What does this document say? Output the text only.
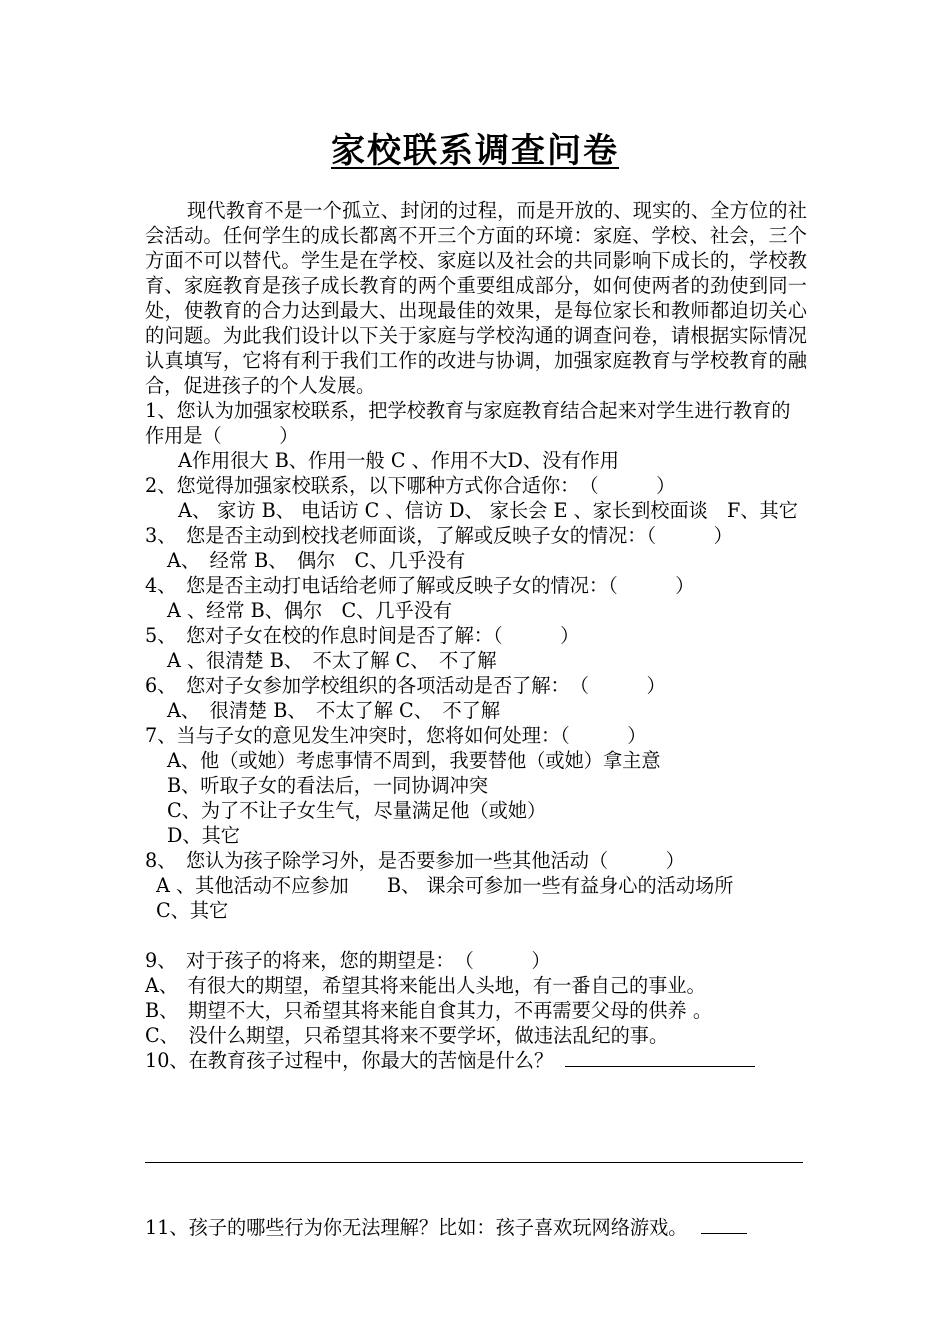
家校联系调查问卷

现代教育不是一个孤立、封闭的过程，而是开放的、现实的、全方位的社会活动。任何学生的成长都离不开三个方面的环境：家庭、学校、社会，三个方面不可以替代。学生是在学校、家庭以及社会的共同影响下成长的，学校教育、家庭教育是孩子成长教育的两个重要组成部分，如何使两者的劲使到同一处，使教育的合力达到最大、出现最佳的效果，是每位家长和教师都迫切关心的问题。为此我们设计以下关于家庭与学校沟通的调查问卷，请根据实际情况认真填写，它将有利于我们工作的改进与协调，加强家庭教育与学校教育的融合，促进孩子的个人发展。

1、您认为加强家校联系，把学校教育与家庭教育结合起来对学生进行教育的作用是（　　　）

A作用很大 B、作用一般 C 、作用不大D、没有作用

2、您觉得加强家校联系，以下哪种方式你合适你：　（　　　）

A、 家访 B、 电话访 C 、信访 D、 家长会 E 、家长到校面谈　F、其它

3、　您是否主动到校找老师面谈，了解或反映子女的情况：（　　　）

A、　经常 B、　偶尔　C、几乎没有

4、　您是否主动打电话给老师了解或反映子女的情况：（　　　）

A 、经常 B、偶尔　C、几乎没有

5、　您对子女在校的作息时间是否了解：（　　　）

A 、很清楚 B、　不太了解 C、　不了解

6、　您对子女参加学校组织的各项活动是否了解：　（　　　）

A、　很清楚 B、　不太了解 C、　不了解

7、当与子女的意见发生冲突时，您将如何处理：（　　　）

A、他（或她）考虑事情不周到，我要替他（或她）拿主意

B、听取子女的看法后，一同协调冲突

C、为了不让子女生气，尽量满足他（或她）

D、其它

8、　您认为孩子除学习外，是否要参加一些其他活动（　　　）

A 、其他活动不应参加　　B、 课余可参加一些有益身心的活动场所

C、其它

9、　对于孩子的将来，您的期望是：　（　　　）

A、　有很大的期望，希望其将来能出人头地，有一番自己的事业。

B、　期望不大，只希望其将来能自食其力，不再需要父母的供养 。

C、　没什么期望，只希望其将来不要学坏，做违法乱纪的事。

10、在教育孩子过程中，你最大的苦恼是什么？

11、孩子的哪些行为你无法理解？比如：孩子喜欢玩网络游戏。
